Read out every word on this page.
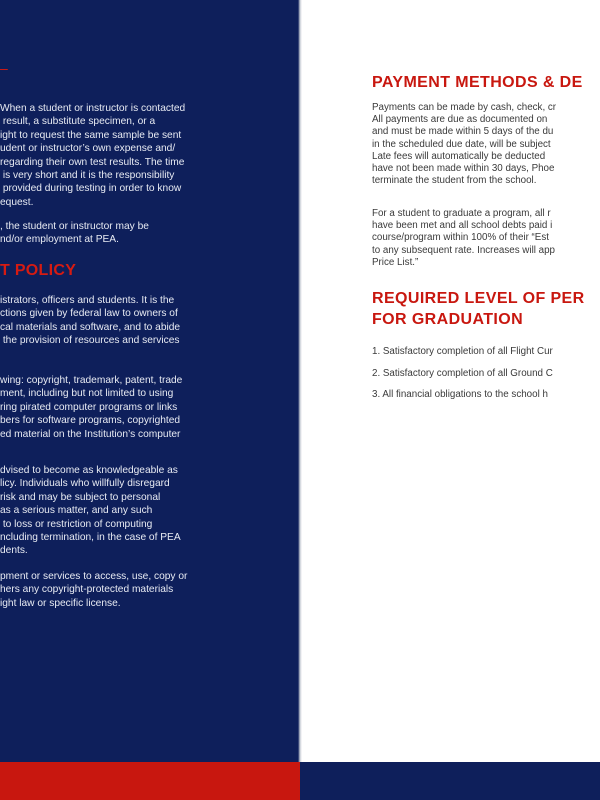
–

When a student or instructor is contacted
result, a substitute specimen, or a
ight to request the same sample be sent
udent or instructor’s own expense and/
regarding their own test results. The time
is very short and it is the responsibility
provided during testing in order to know
equest.

, the student or instructor may be
nd/or employment at PEA.

T POLICY

istrators, officers and students. It is the
ctions given by federal law to owners of
cal materials and software, and to abide
the provision of resources and services

wing: copyright, trademark, patent, trade
ment, including but not limited to using
ring pirated computer programs or links
bers for software programs, copyrighted
ed material on the Institution’s computer

dvised to become as knowledgeable as
licy. Individuals who willfully disregard
risk and may be subject to personal
as a serious matter, and any such
to loss or restriction of computing
ncluding termination, in the case of PEA
dents.

pment or services to access, use, copy or
hers any copyright-protected materials
ight law or specific license.

PAYMENT METHODS & DE

Payments can be made by cash, check, cr
All payments are due as documented on
and must be made within 5 days of the du
in the scheduled due date, will be subject
Late fees will automatically be deducted
have not been made within 30 days, Phoe
terminate the student from the school.

For a student to graduate a program, all r
have been met and all school debts paid i
course/program within 100% of their “Est
to any subsequent rate. Increases will app
Price List.”

REQUIRED LEVEL OF PER
FOR GRADUATION

1. Satisfactory completion of all Flight Cur

2. Satisfactory completion of all Ground C

3. All financial obligations to the school h
